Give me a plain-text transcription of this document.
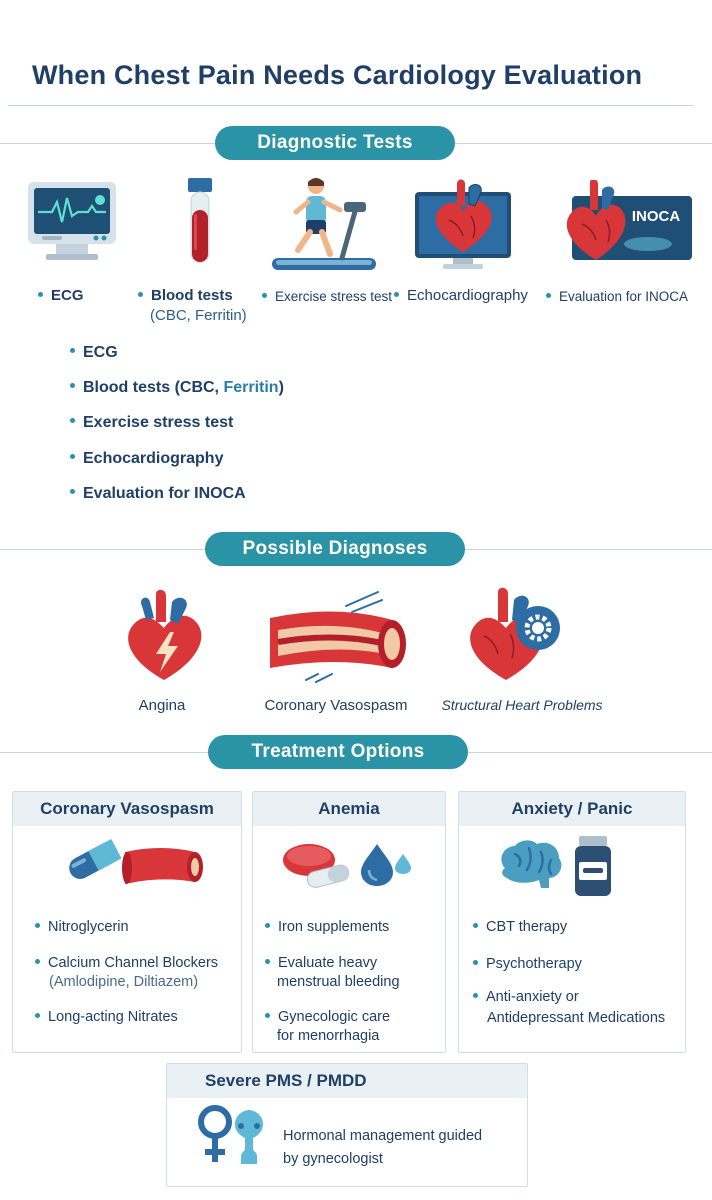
When Chest Pain Needs Cardiology Evaluation
Diagnostic Tests
INOCA
ECG	Blood tests
(CBC, Ferritin)
Exercise stress test Echocardiography	Evaluation for INOCA
ECG
Blood tests (CBC, Ferritin)
Exercise stress test
Echocardiography
Evaluation for INOCA
Possible Diagnoses
Angina	Coronary Vasospasm	Structural Heart Problems
Treatment Options
Coronary Vasospasm
Nitroglycerin
Calcium Channel Blockers
(Amlodipine, Diltiazem)
Long-acting Nitrates
Anemia
Iron supplements
Evaluate heavy
menstrual bleeding
Gynecologic care
for menorrhagia
Anxiety / Panic
CBT therapy
Psychotherapy
Anti-anxiety or
Antidepressant Medications
Severe PMS / PMDD
Hormonal management guided
by gynecologist
